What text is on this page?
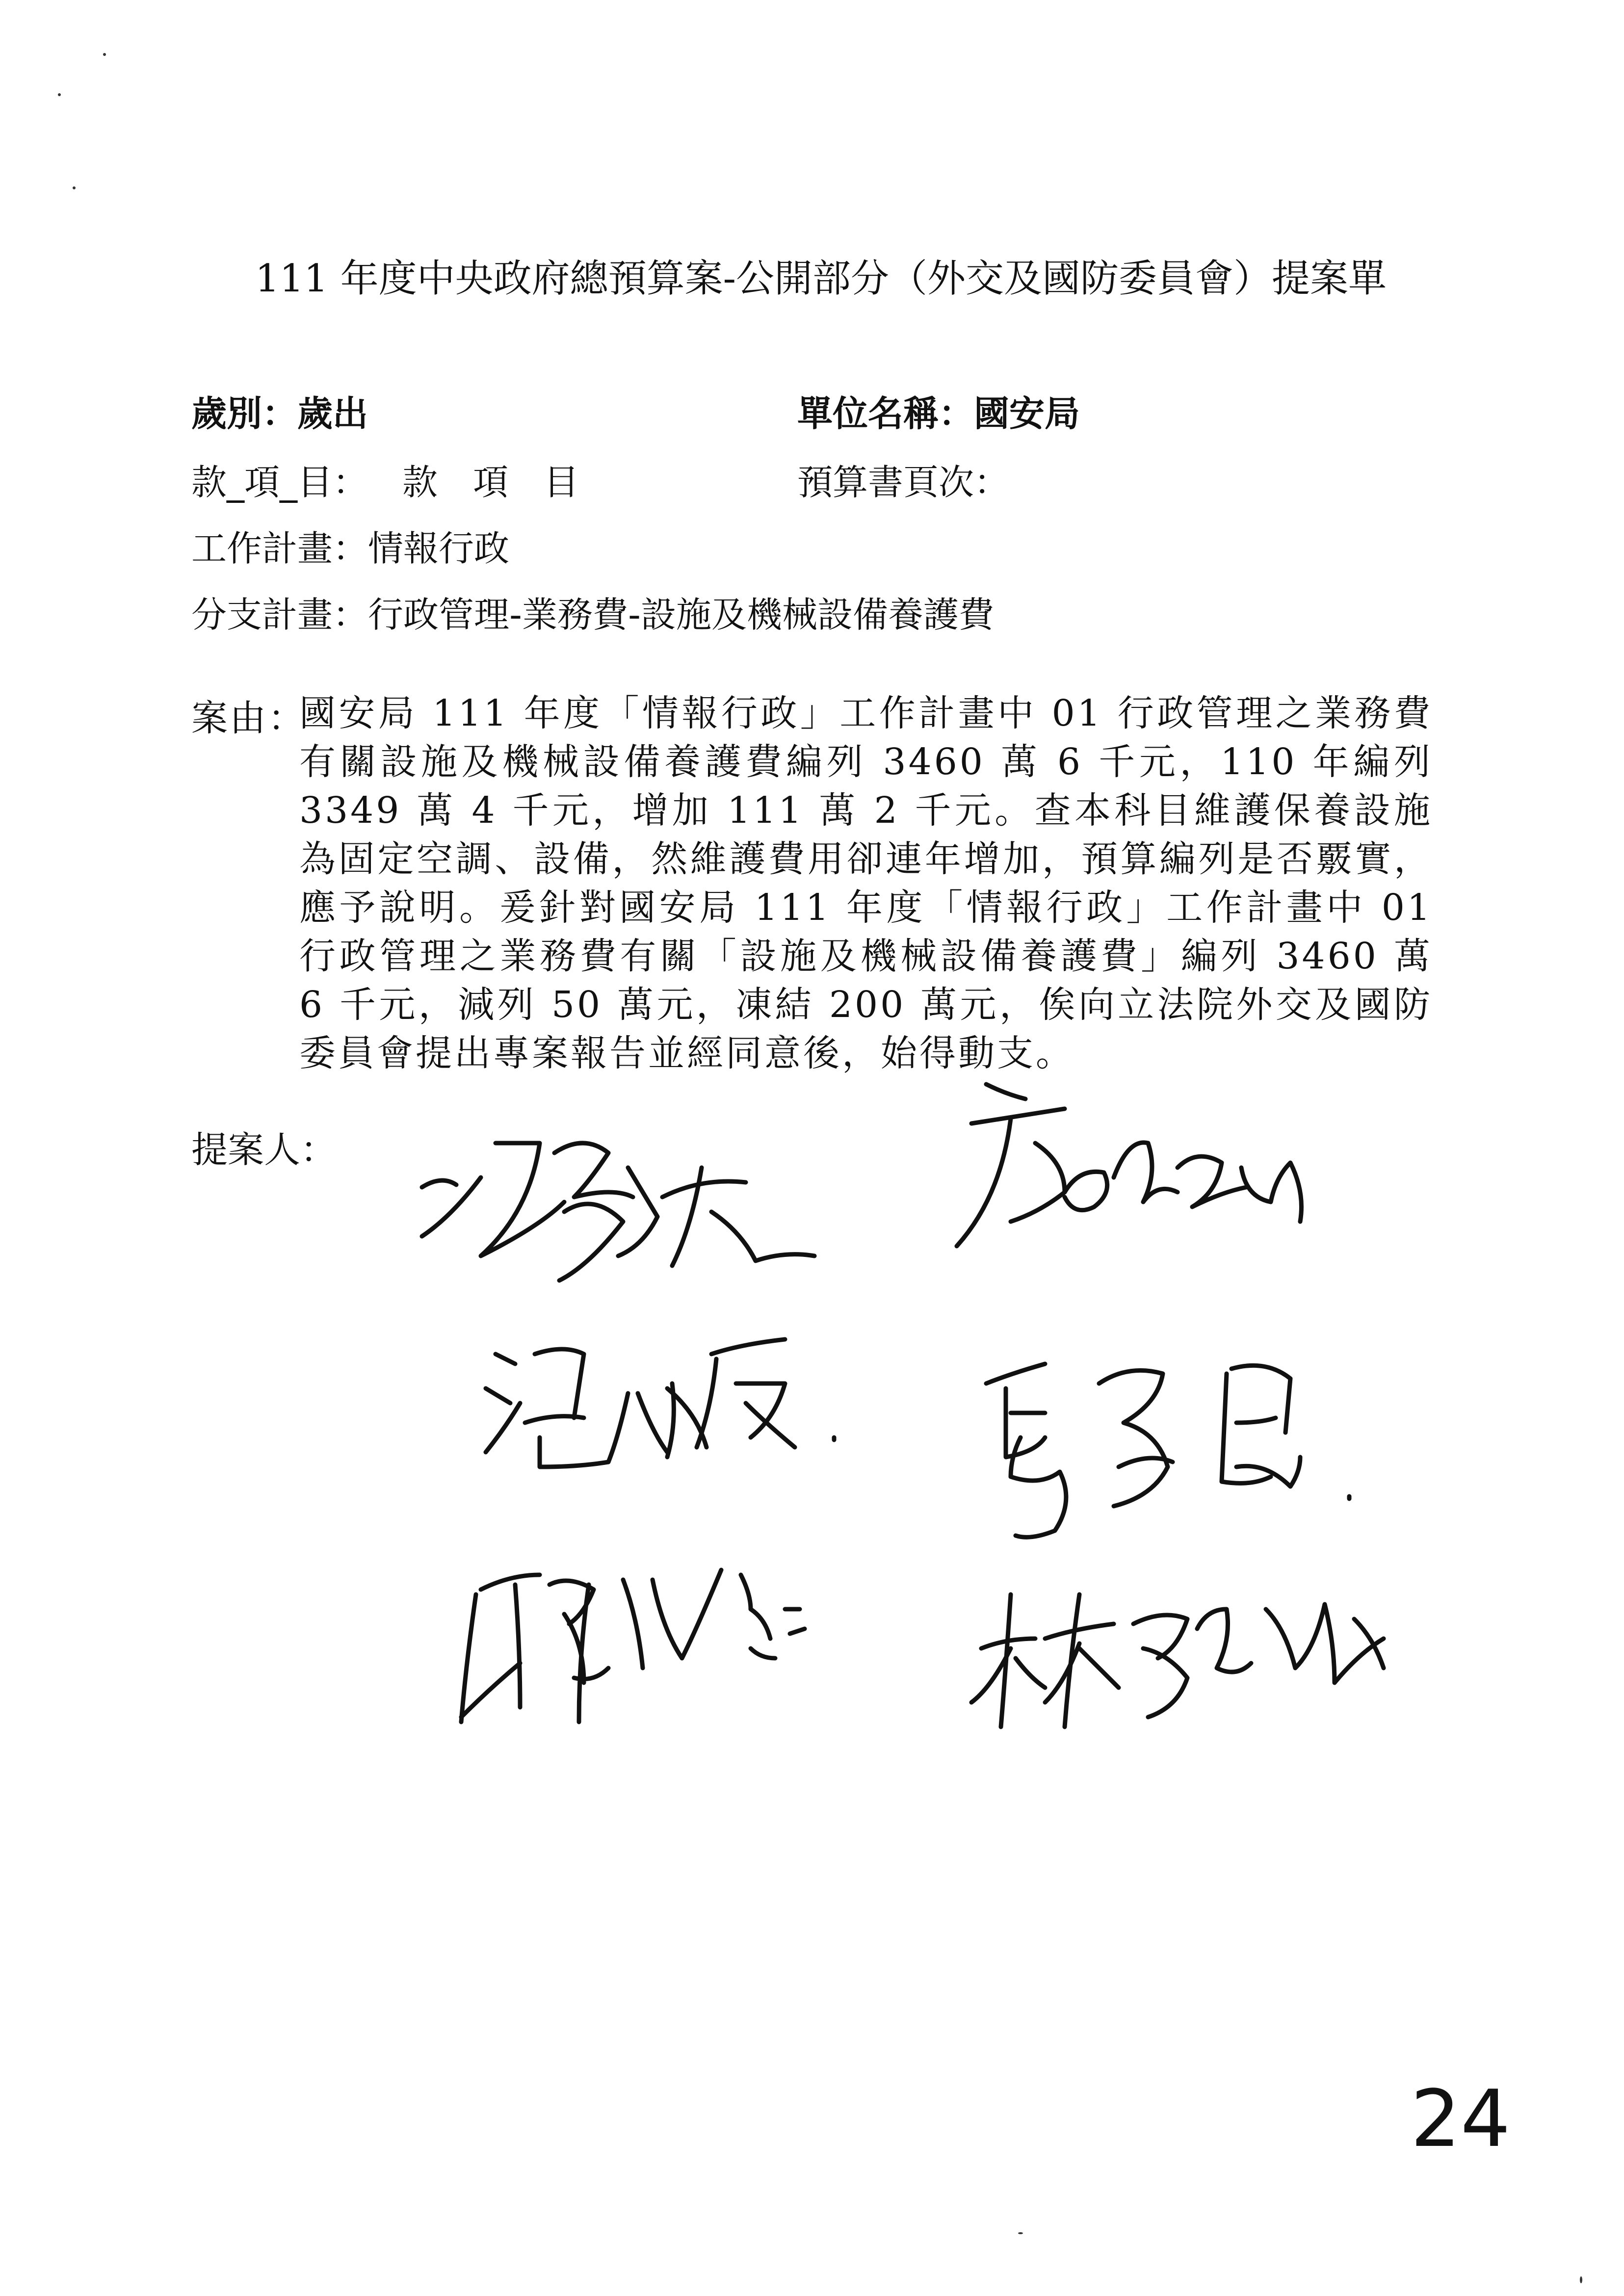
111 年度中央政府總預算案-公開部分（外交及國防委員會）提案單
歲別：歲出	單位名稱：國安局
款_項_目： 款　項　目	預算書頁次：
工作計畫：情報行政
分支計畫：行政管理-業務費-設施及機械設備養護費
案由：
國安局 111 年度「情報行政」工作計畫中 01 行政管理之業務費有關設施及機械設備養護費編列 3460 萬 6 千元，110 年編列 3349 萬 4 千元，增加 111 萬 2 千元。查本科目維護保養設施為固定空調、設備，然維護費用卻連年增加，預算編列是否覈實，應予說明。爰針對國安局 111 年度「情報行政」工作計畫中 01 行政管理之業務費有關「設施及機械設備養護費」編列 3460 萬 6 千元，減列 50 萬元，凍結 200 萬元，俟向立法院外交及國防委員會提出專案報告並經同意後，始得動支。
提案人：
24
